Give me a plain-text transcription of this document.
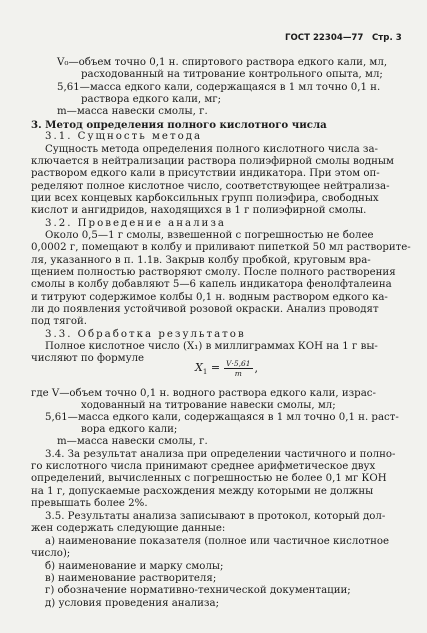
ГОСТ 22304—77 Стр. 3
V₀—объем точно 0,1 н. спиртового раствора едкого кали, мл,
расходованный на титрование контрольного опыта, мл;
5,61—масса едкого кали, содержащаяся в 1 мл точно 0,1 н.
раствора едкого кали, мг;
m—масса навески смолы, г.
3. Метод определения полного кислотного числа
3.1. Сущность метода
Сущность метода определения полного кислотного числа за-
ключается в нейтрализации раствора полиэфирной смолы водным
раствором едкого кали в присутствии индикатора. При этом оп-
ределяют полное кислотное число, соответствующее нейтрализа-
ции всех концевых карбоксильных групп полиэфира, свободных
кислот и ангидридов, находящихся в 1 г полиэфирной смолы.
3.2. Проведение анализа
Около 0,5—1 г смолы, взвешенной с погрешностью не более
0,0002 г, помещают в колбу и приливают пипеткой 50 мл растворите-
ля, указанного в п. 1.1в. Закрыв колбу пробкой, круговым вра-
щением полностью растворяют смолу. После полного растворения
смолы в колбу добавляют 5—6 капель индикатора фенолфталеина
и титруют содержимое колбы 0,1 н. водным раствором едкого ка-
ли до появления устойчивой розовой окраски. Анализ проводят
под тягой.
3.3. Обработка результатов
Полное кислотное число (X₁) в миллиграммах КОН на 1 г вы-
числяют по формуле
$X_1 = \frac{V\cdot 5,61}{m}$ ,
где V—объем точно 0,1 н. водного раствора едкого кали, израс-
ходованный на титрование навески смолы, мл;
5,61—масса едкого кали, содержащаяся в 1 мл точно 0,1 н. раст-
вора едкого кали;
m—масса навески смолы, г.
3.4. За результат анализа при определении частичного и полно-
го кислотного числа принимают среднее арифметическое двух
определений, вычисленных с погрешностью не более 0,1 мг КОН
на 1 г, допускаемые расхождения между которыми не должны
превышать более 2%.
3.5. Результаты анализа записывают в протокол, который дол-
жен содержать следующие данные:
а) наименование показателя (полное или частичное кислотное
число);
б) наименование и марку смолы;
в) наименование растворителя;
г) обозначение нормативно-технической документации;
д) условия проведения анализа;
